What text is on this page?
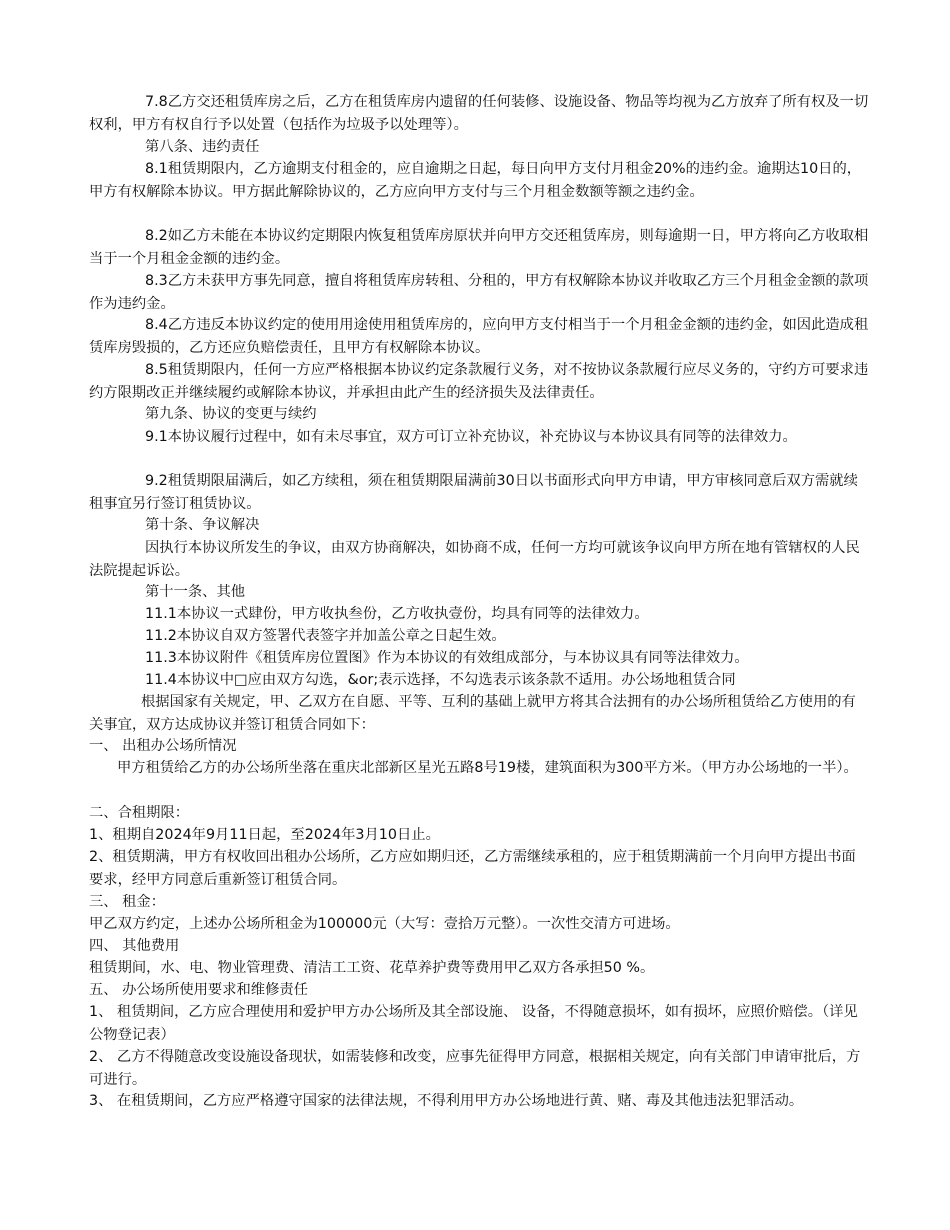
7.8乙方交还租赁库房之后，乙方在租赁库房内遗留的任何装修、设施设备、物品等均视为乙方放弃了所有权及一切权利，甲方有权自行予以处置（包括作为垃圾予以处理等）。
第八条、违约责任
8.1租赁期限内，乙方逾期支付租金的，应自逾期之日起，每日向甲方支付月租金20%的违约金。逾期达10日的，甲方有权解除本协议。甲方据此解除协议的，乙方应向甲方支付与三个月租金数额等额之违约金。
8.2如乙方未能在本协议约定期限内恢复租赁库房原状并向甲方交还租赁库房，则每逾期一日，甲方将向乙方收取相当于一个月租金金额的违约金。
8.3乙方未获甲方事先同意，擅自将租赁库房转租、分租的，甲方有权解除本协议并收取乙方三个月租金金额的款项作为违约金。
8.4乙方违反本协议约定的使用用途使用租赁库房的，应向甲方支付相当于一个月租金金额的违约金，如因此造成租赁库房毁损的，乙方还应负赔偿责任，且甲方有权解除本协议。
8.5租赁期限内，任何一方应严格根据本协议约定条款履行义务，对不按协议条款履行应尽义务的，守约方可要求违约方限期改正并继续履约或解除本协议，并承担由此产生的经济损失及法律责任。
第九条、协议的变更与续约
9.1本协议履行过程中，如有未尽事宜，双方可订立补充协议，补充协议与本协议具有同等的法律效力。
9.2租赁期限届满后，如乙方续租，须在租赁期限届满前30日以书面形式向甲方申请，甲方审核同意后双方需就续租事宜另行签订租赁协议。
第十条、争议解决
因执行本协议所发生的争议，由双方协商解决，如协商不成，任何一方均可就该争议向甲方所在地有管辖权的人民法院提起诉讼。
第十一条、其他
11.1本协议一式肆份，甲方收执叁份，乙方收执壹份，均具有同等的法律效力。
11.2本协议自双方签署代表签字并加盖公章之日起生效。
11.3本协议附件《租赁库房位置图》作为本协议的有效组成部分，与本协议具有同等法律效力。
11.4本协议中□应由双方勾选，&or;表示选择，不勾选表示该条款不适用。办公场地租赁合同
根据国家有关规定，甲、乙双方在自愿、平等、互利的基础上就甲方将其合法拥有的办公场所租赁给乙方使用的有关事宜，双方达成协议并签订租赁合同如下：
一、 出租办公场所情况
甲方租赁给乙方的办公场所坐落在重庆北部新区星光五路8号19楼，建筑面积为300平方米。（甲方办公场地的一半）。
二、合租期限：
1、租期自2024年9月11日起，至2024年3月10日止。
2、租赁期满，甲方有权收回出租办公场所，乙方应如期归还，乙方需继续承租的，应于租赁期满前一个月向甲方提出书面要求，经甲方同意后重新签订租赁合同。
三、 租金：
甲乙双方约定，上述办公场所租金为100000元（大写：壹拾万元整）。一次性交清方可进场。
四、 其他费用
租赁期间，水、电、物业管理费、清洁工工资、花草养护费等费用甲乙双方各承担50 %。
五、 办公场所使用要求和维修责任
1、 租赁期间，乙方应合理使用和爱护甲方办公场所及其全部设施、 设备，不得随意损坏，如有损坏，应照价赔偿。（详见公物登记表）
2、 乙方不得随意改变设施设备现状，如需装修和改变，应事先征得甲方同意，根据相关规定，向有关部门申请审批后，方可进行。
3、 在租赁期间，乙方应严格遵守国家的法律法规，不得利用甲方办公场地进行黄、赌、毒及其他违法犯罪活动。
